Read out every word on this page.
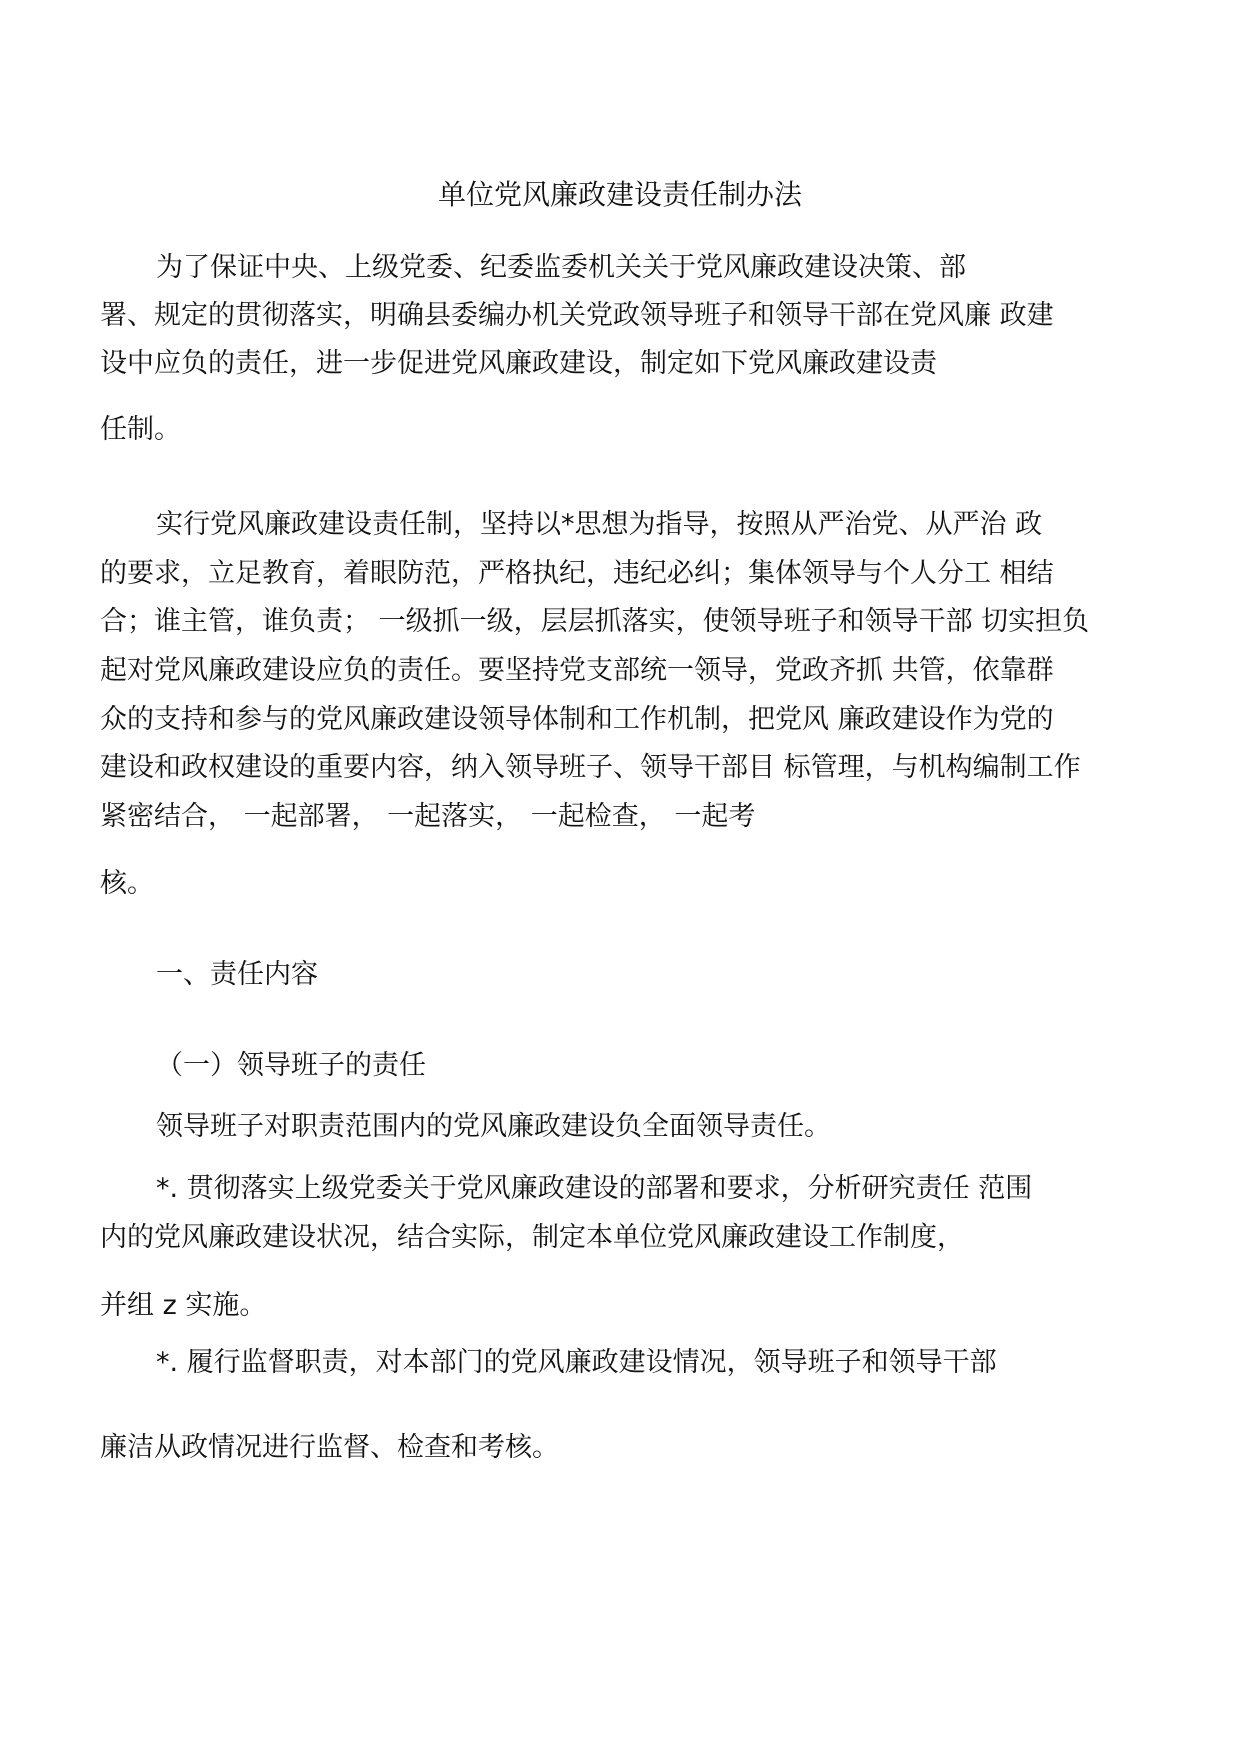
单位党风廉政建设责任制办法
为了保证中央、上级党委、纪委监委机关关于党风廉政建设决策、部
署、规定的贯彻落实，明确县委编办机关党政领导班子和领导干部在党风廉 政建
设中应负的责任，进一步促进党风廉政建设，制定如下党风廉政建设责
任制。
实行党风廉政建设责任制，坚持以*思想为指导，按照从严治党、从严治 政
的要求，立足教育，着眼防范，严格执纪，违纪必纠；集体领导与个人分工 相结
合；谁主管，谁负责； 一级抓一级，层层抓落实，使领导班子和领导干部 切实担负
起对党风廉政建设应负的责任。要坚持党支部统一领导，党政齐抓 共管，依靠群
众的支持和参与的党风廉政建设领导体制和工作机制，把党风 廉政建设作为党的
建设和政权建设的重要内容，纳入领导班子、领导干部目 标管理，与机构编制工作
紧密结合， 一起部署， 一起落实， 一起检查， 一起考
核。
一、责任内容
（一）领导班子的责任
领导班子对职责范围内的党风廉政建设负全面领导责任。
*. 贯彻落实上级党委关于党风廉政建设的部署和要求，分析研究责任 范围
内的党风廉政建设状况，结合实际，制定本单位党风廉政建设工作制度，
并组 z 实施。
*. 履行监督职责，对本部门的党风廉政建设情况，领导班子和领导干部
廉洁从政情况进行监督、检查和考核。
